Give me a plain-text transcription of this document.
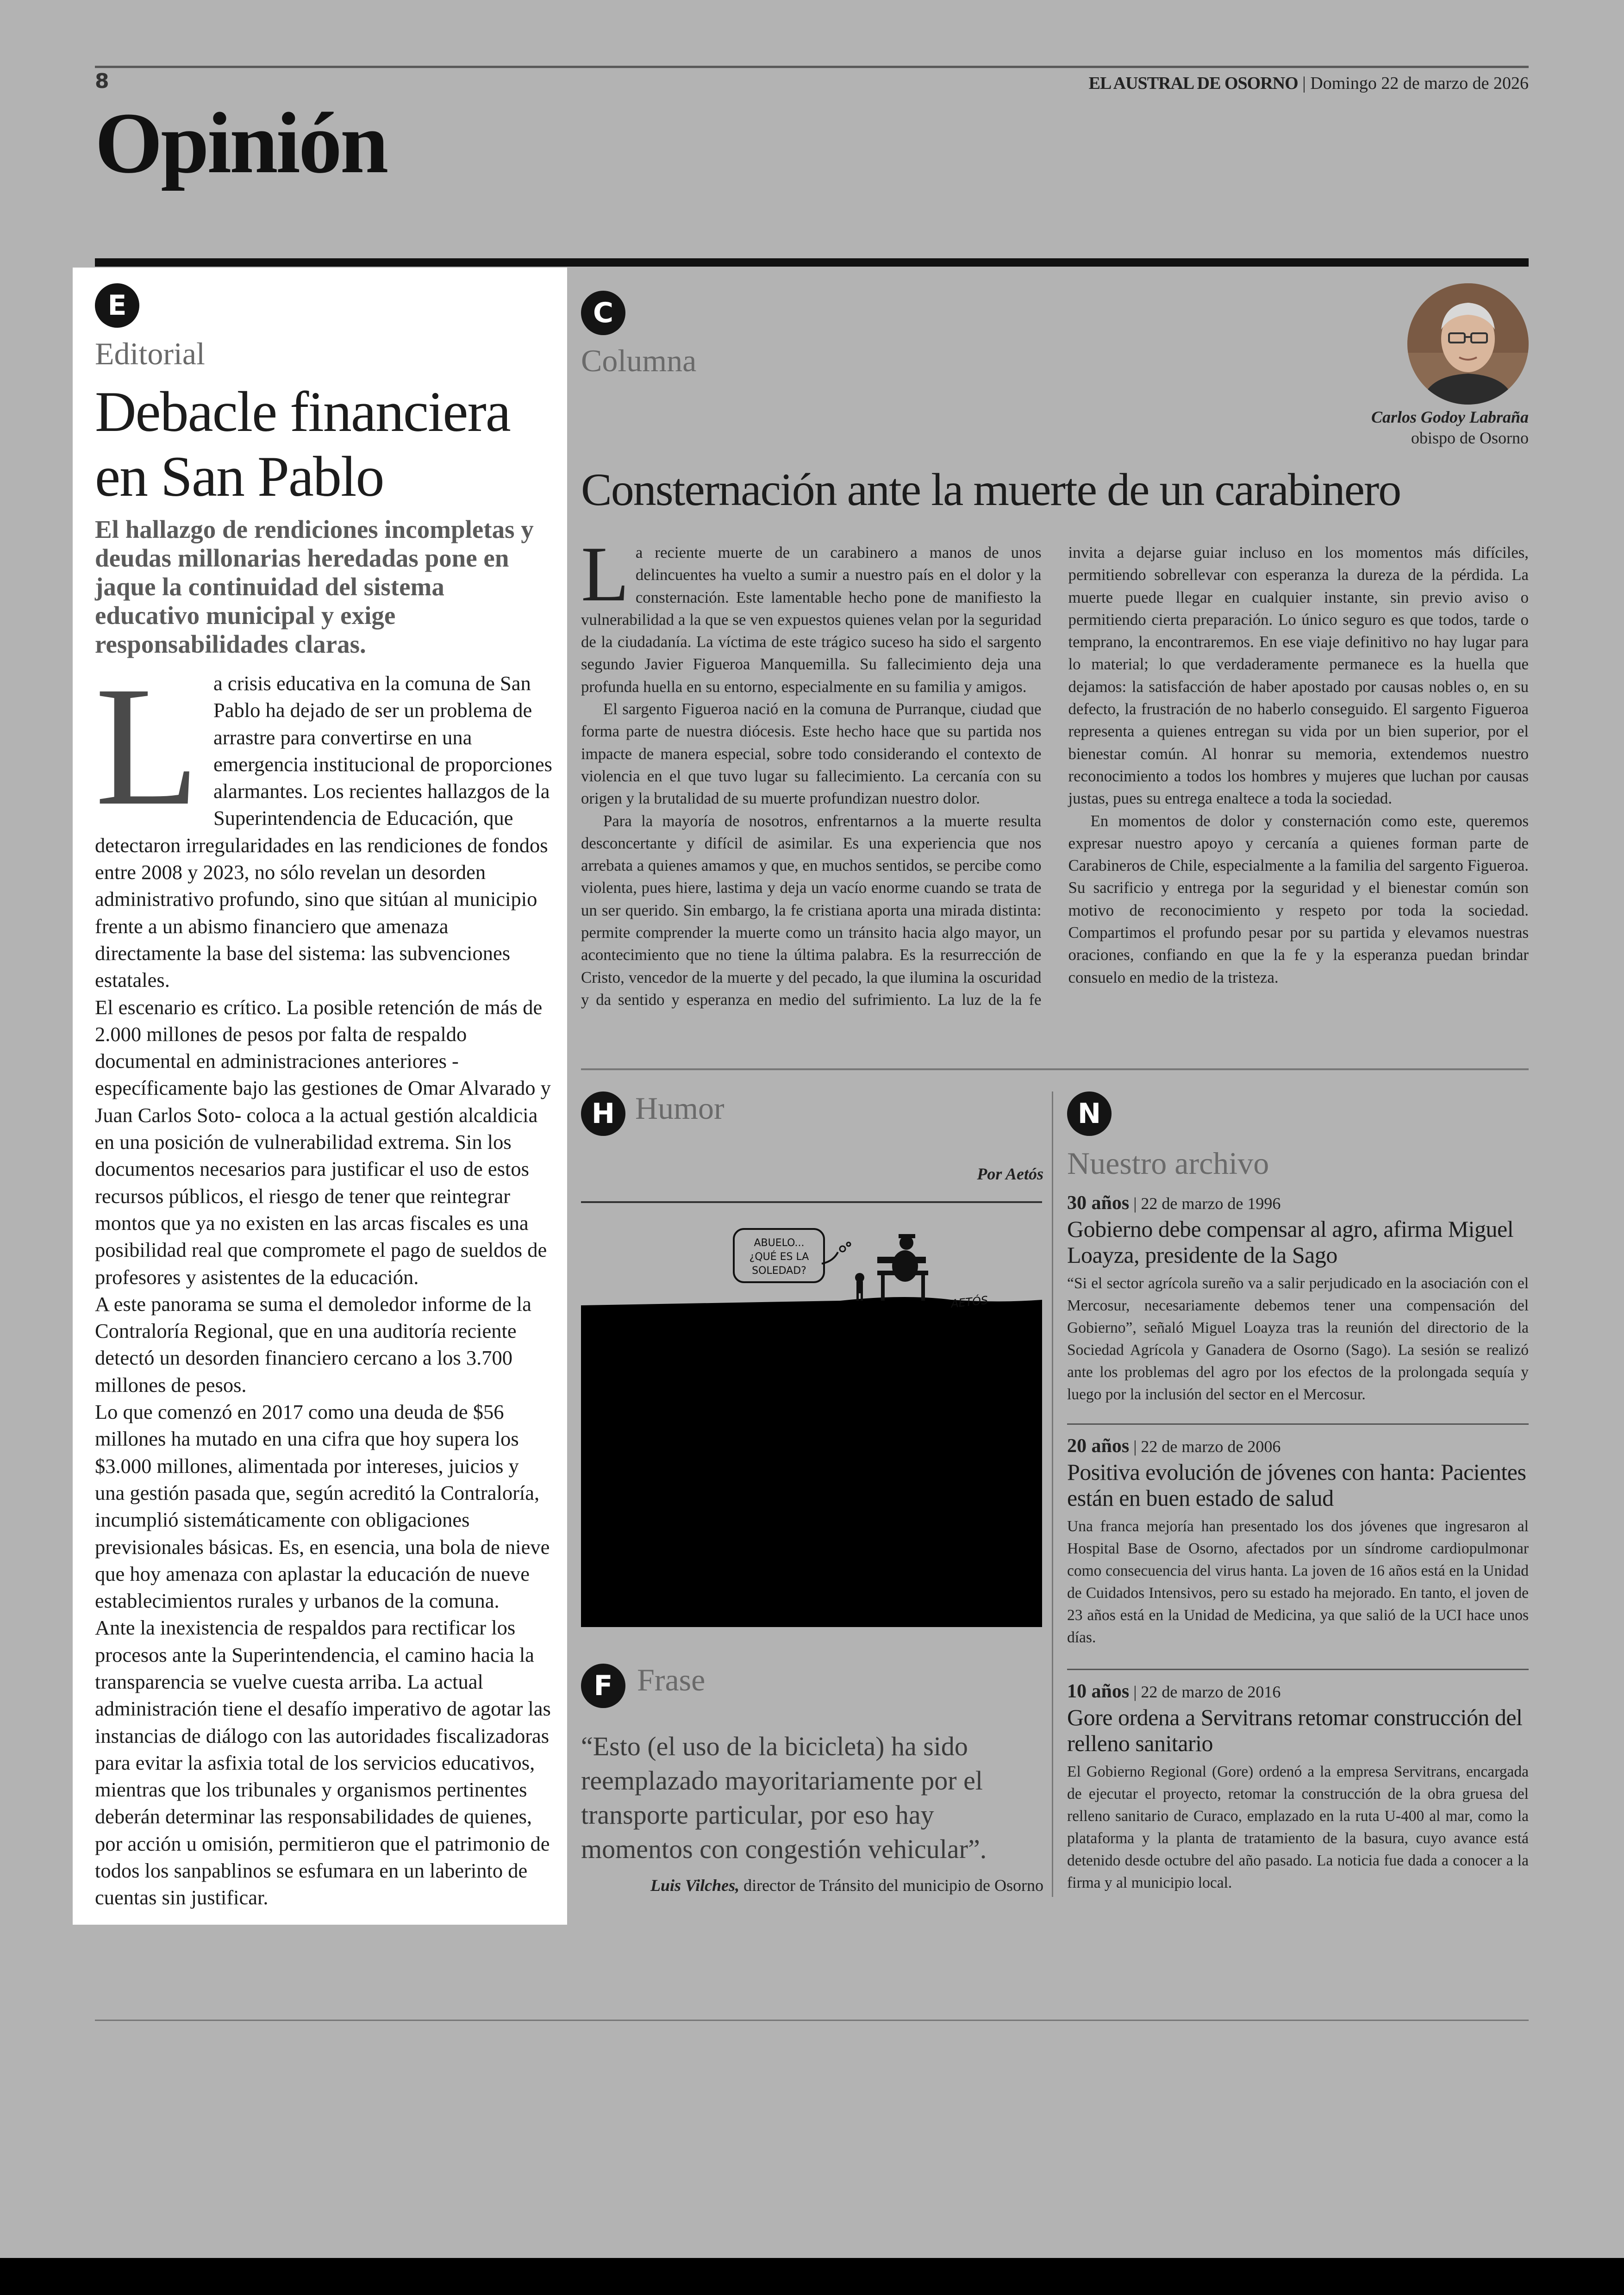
8	EL AUSTRAL DE OSORNO | Domingo 22 de marzo de 2026
Opinión
E
Editorial
Debacle financiera
en San Pablo
El hallazgo de rendiciones incompletas y deudas millonarias heredadas pone en jaque la continuidad del sistema educativo municipal y exige responsabilidades claras.
L a crisis educativa en la comuna de San Pablo ha dejado de ser un problema de arrastre para convertirse en una emergencia institucional de proporciones alarmantes. Los recientes hallazgos de la Superintendencia de Educación, que detectaron irregularidades en las rendiciones de fondos entre 2008 y 2023, no sólo revelan un desorden administrativo profundo, sino que sitúan al municipio frente a un abismo financiero que amenaza directamente la base del sistema: las subvenciones estatales.

El escenario es crítico. La posible retención de más de 2.000 millones de pesos por falta de respaldo documental en administraciones anteriores -específicamente bajo las gestiones de Omar Alvarado y Juan Carlos Soto- coloca a la actual gestión alcaldicia en una posición de vulnerabilidad extrema. Sin los documentos necesarios para justificar el uso de estos recursos públicos, el riesgo de tener que reintegrar montos que ya no existen en las arcas fiscales es una posibilidad real que compromete el pago de sueldos de profesores y asistentes de la educación.

A este panorama se suma el demoledor informe de la Contraloría Regional, que en una auditoría reciente detectó un desorden financiero cercano a los 3.700 millones de pesos.

Lo que comenzó en 2017 como una deuda de $56 millones ha mutado en una cifra que hoy supera los $3.000 millones, alimentada por intereses, juicios y una gestión pasada que, según acreditó la Contraloría, incumplió sistemáticamente con obligaciones previsionales básicas. Es, en esencia, una bola de nieve que hoy amenaza con aplastar la educación de nueve establecimientos rurales y urbanos de la comuna.

Ante la inexistencia de respaldos para rectificar los procesos ante la Superintendencia, el camino hacia la transparencia se vuelve cuesta arriba. La actual administración tiene el desafío imperativo de agotar las instancias de diálogo con las autoridades fiscalizadoras para evitar la asfixia total de los servicios educativos, mientras que los tribunales y organismos pertinentes deberán determinar las responsabilidades de quienes, por acción u omisión, permitieron que el patrimonio de todos los sanpablinos se esfumara en un laberinto de cuentas sin justificar.

C
Columna
Carlos Godoy Labraña
obispo de Osorno
Consternación ante la muerte de un carabinero
L a reciente muerte de un carabinero a manos de unos delincuentes ha vuelto a sumir a nuestro país en el dolor y la consternación. Este lamentable hecho pone de manifiesto la vulnerabilidad a la que se ven expuestos quienes velan por la seguridad de la ciudadanía. La víctima de este trágico suceso ha sido el sargento segundo Javier Figueroa Manquemilla. Su fallecimiento deja una profunda huella en su entorno, especialmente en su familia y amigos.

El sargento Figueroa nació en la comuna de Purranque, ciudad que forma parte de nuestra diócesis. Este hecho hace que su partida nos impacte de manera especial, sobre todo considerando el contexto de violencia en el que tuvo lugar su fallecimiento. La cercanía con su origen y la brutalidad de su muerte profundizan nuestro dolor.

Para la mayoría de nosotros, enfrentarnos a la muerte resulta desconcertante y difícil de asimilar. Es una experiencia que nos arrebata a quienes amamos y que, en muchos sentidos, se percibe como violenta, pues hiere, lastima y deja un vacío enorme cuando se trata de un ser querido. Sin embargo, la fe cristiana aporta una mirada distinta: permite comprender la muerte como un tránsito hacia algo mayor, un acontecimiento que no tiene la última palabra. Es la resurrección de Cristo, vencedor de la muerte y del pecado, la que ilumina la oscuridad y da sentido y esperanza en medio del sufrimiento. La luz de la fe invita a dejarse guiar incluso en los momentos más difíciles, permitiendo sobrellevar con esperanza la dureza de la pérdida. La muerte puede llegar en cualquier instante, sin previo aviso o permitiendo cierta preparación. Lo único seguro es que todos, tarde o temprano, la encontraremos. En ese viaje definitivo no hay lugar para lo material; lo que verdaderamente permanece es la huella que dejamos: la satisfacción de haber apostado por causas nobles o, en su defecto, la frustración de no haberlo conseguido. El sargento Figueroa representa a quienes entregan su vida por un bien superior, por el bienestar común. Al honrar su memoria, extendemos nuestro reconocimiento a todos los hombres y mujeres que luchan por causas justas, pues su entrega enaltece a toda la sociedad.

En momentos de dolor y consternación como este, queremos expresar nuestro apoyo y cercanía a quienes forman parte de Carabineros de Chile, especialmente a la familia del sargento Figueroa. Su sacrificio y entrega por la seguridad y el bienestar común son motivo de reconocimiento y respeto por toda la sociedad. Compartimos el profundo pesar por su partida y elevamos nuestras oraciones, confiando en que la fe y la esperanza puedan brindar consuelo en medio de la tristeza.

H Humor
Por Aetós
ABUELO...
¿QUÉ ES LA
SOLEDAD?
AETÓS
F Frase
“Esto (el uso de la bicicleta) ha sido reemplazado mayoritariamente por el transporte particular, por eso hay momentos con congestión vehicular”.
Luis Vilches, director de Tránsito del municipio de Osorno
N
Nuestro archivo
30 años | 22 de marzo de 1996
Gobierno debe compensar al agro, afirma Miguel Loayza, presidente de la Sago
“Si el sector agrícola sureño va a salir perjudicado en la asociación con el Mercosur, necesariamente debemos tener una compensación del Gobierno”, señaló Miguel Loayza tras la reunión del directorio de la Sociedad Agrícola y Ganadera de Osorno (Sago). La sesión se realizó ante los problemas del agro por los efectos de la prolongada sequía y luego por la inclusión del sector en el Mercosur.
20 años | 22 de marzo de 2006
Positiva evolución de jóvenes con hanta: Pacientes están en buen estado de salud
Una franca mejoría han presentado los dos jóvenes que ingresaron al Hospital Base de Osorno, afectados por un síndrome cardiopulmonar como consecuencia del virus hanta. La joven de 16 años está en la Unidad de Cuidados Intensivos, pero su estado ha mejorado. En tanto, el joven de 23 años está en la Unidad de Medicina, ya que salió de la UCI hace unos días.
10 años | 22 de marzo de 2016
Gore ordena a Servitrans retomar construcción del relleno sanitario
El Gobierno Regional (Gore) ordenó a la empresa Servitrans, encargada de ejecutar el proyecto, retomar la construcción de la obra gruesa del relleno sanitario de Curaco, emplazado en la ruta U-400 al mar, como la plataforma y la planta de tratamiento de la basura, cuyo avance está detenido desde octubre del año pasado. La noticia fue dada a conocer a la firma y al municipio local.
